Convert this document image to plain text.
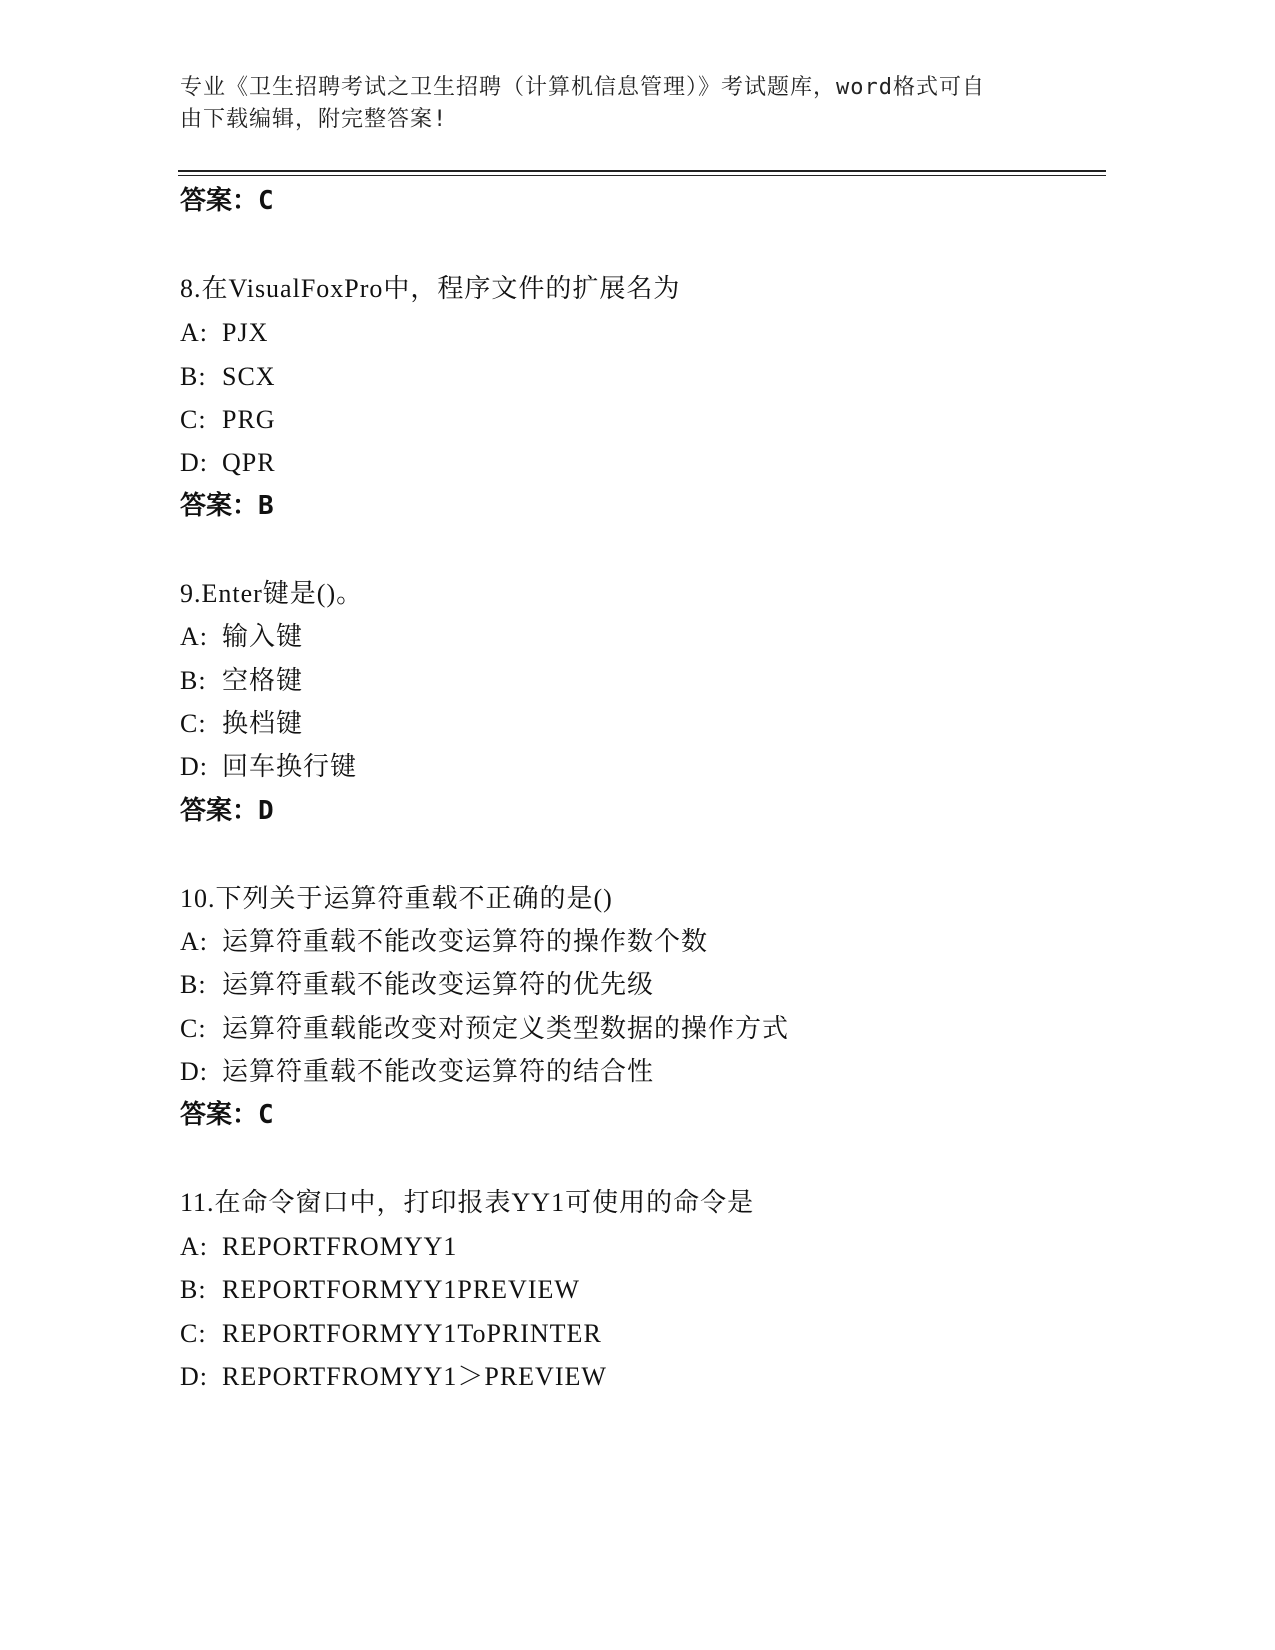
专业《卫生招聘考试之卫生招聘（计算机信息管理）》考试题库，word格式可自
由下载编辑，附完整答案!
答案：C
8.在VisualFoxPro中，程序文件的扩展名为
A: PJX
B: SCX
C: PRG
D: QPR
答案：B
9.Enter键是()。
A: 输入键
B: 空格键
C: 换档键
D: 回车换行键
答案：D
10.下列关于运算符重载不正确的是()
A: 运算符重载不能改变运算符的操作数个数
B: 运算符重载不能改变运算符的优先级
C: 运算符重载能改变对预定义类型数据的操作方式
D: 运算符重载不能改变运算符的结合性
答案：C
11.在命令窗口中，打印报表YY1可使用的命令是
A: REPORTFROMYY1
B: REPORTFORMYY1PREVIEW
C: REPORTFORMYY1ToPRINTER
D: REPORTFROMYY1＞PREVIEW
